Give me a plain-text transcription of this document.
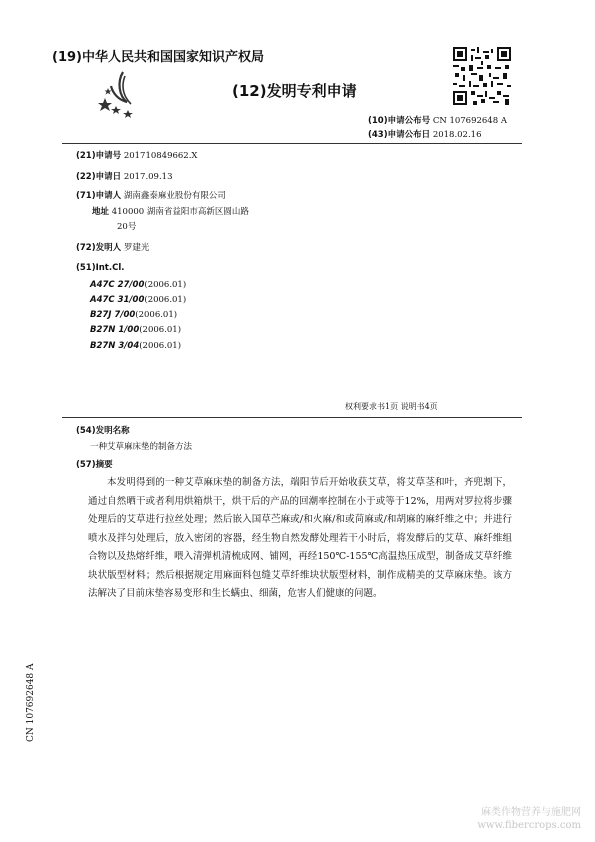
(19)中华人民共和国国家知识产权局
(12)发明专利申请
(10)申请公布号 CN 107692648 A
(43)申请公布日 2018.02.16
(21)申请号 201710849662.X
(22)申请日 2017.09.13
(71)申请人 湖南鑫泰麻业股份有限公司
地址 410000 湖南省益阳市高新区圆山路
20号
(72)发明人 罗建光
(51)Int.Cl.
A47C 27/00(2006.01)
A47C 31/00(2006.01)
B27J 7/00(2006.01)
B27N 1/00(2006.01)
B27N 3/04(2006.01)
权利要求书1页 说明书4页
(54)发明名称
一种艾草麻床垫的制备方法
(57)摘要

本发明得到的一种艾草麻床垫的制备方法，端阳节后开始收获艾草，将艾草茎和叶，齐兜割下，通过自然晒干或者利用烘箱烘干，烘干后的产品的回潮率控制在小于或等于12%，用两对罗拉将步骤处理后的艾草进行拉丝处理；然后嵌入国草苎麻或/和火麻/和或苘麻或/和胡麻的麻纤维之中；并进行喷水及拌匀处理后，放入密闭的容器，经生物自然发酵处理若干小时后，将发酵后的艾草、麻纤维组合物以及热熔纤维，喂入清弹机清梳成网、铺网，再经150℃-155℃高温热压成型，制备成艾草纤维块状版型材料；然后根据规定用麻面料包缝艾草纤维块状版型材料，制作成精美的艾草麻床垫。该方法解决了目前床垫容易变形和生长螨虫、细菌，危害人们健康的问题。

CN 107692648 A
麻类作物营养与施肥网
www.fibercrops.com
